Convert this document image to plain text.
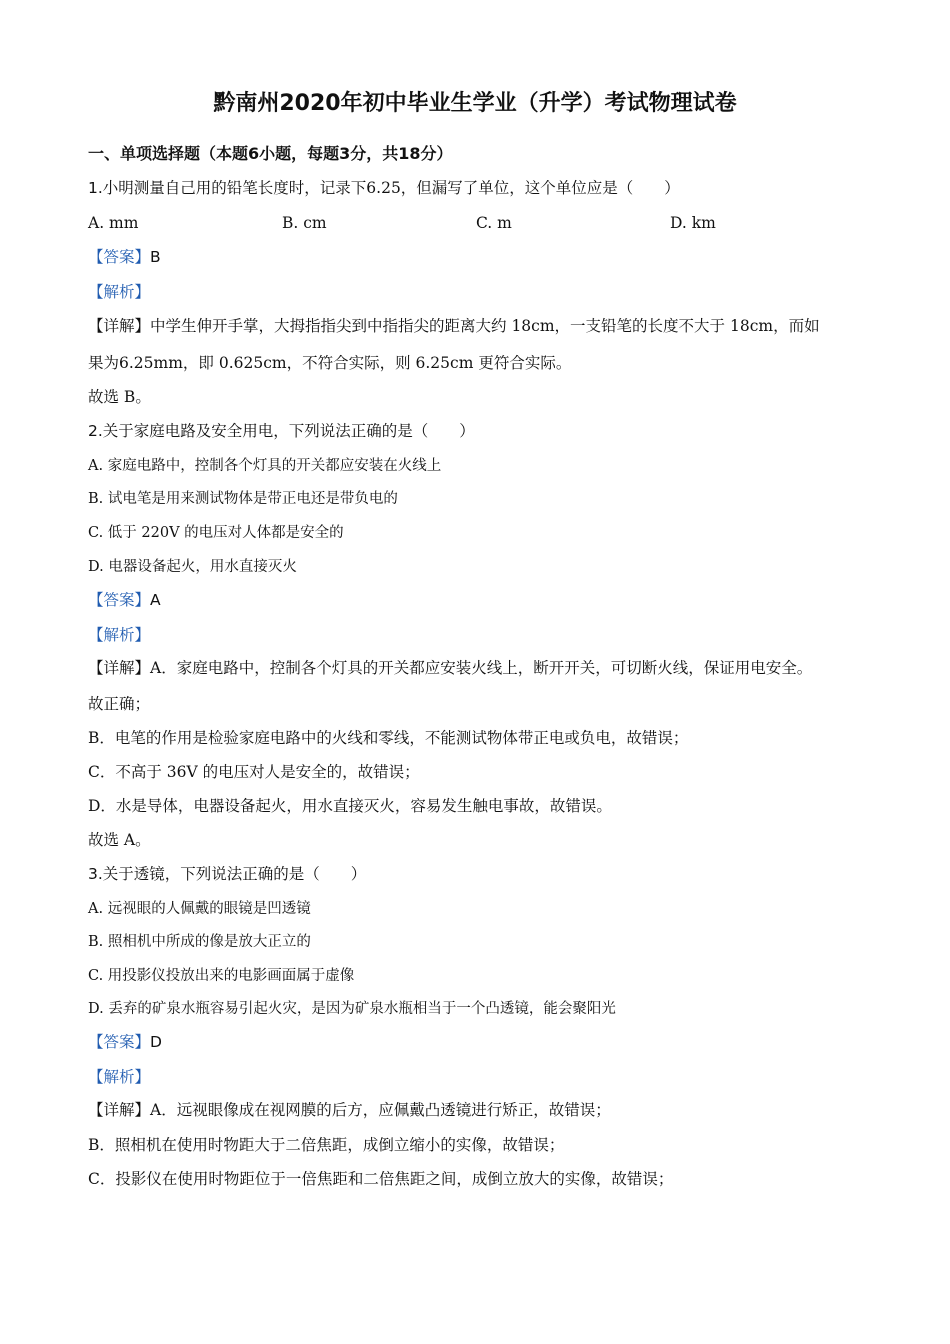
黔南州2020年初中毕业生学业（升学）考试物理试卷
一、单项选择题（本题6小题，每题3分，共18分）
1.小明测量自己用的铅笔长度时，记录下6.25，但漏写了单位，这个单位应是（　　）
A. mm	B. cm	C. m	D. km
【答案】B
【解析】
【详解】中学生伸开手掌，大拇指指尖到中指指尖的距离大约 18cm，一支铅笔的长度不大于 18cm，而如
果为6.25mm，即 0.625cm，不符合实际，则 6.25cm 更符合实际。
故选 B。
2.关于家庭电路及安全用电，下列说法正确的是（　　）
A. 家庭电路中，控制各个灯具的开关都应安装在火线上
B. 试电笔是用来测试物体是带正电还是带负电的
C. 低于 220V 的电压对人体都是安全的
D. 电器设备起火，用水直接灭火
【答案】A
【解析】
【详解】A．家庭电路中，控制各个灯具的开关都应安装火线上，断开开关，可切断火线，保证用电安全。
故正确；
B．电笔的作用是检验家庭电路中的火线和零线，不能测试物体带正电或负电，故错误；
C．不高于 36V 的电压对人是安全的，故错误；
D．水是导体，电器设备起火，用水直接灭火，容易发生触电事故，故错误。
故选 A。
3.关于透镜，下列说法正确的是（　　）
A. 远视眼的人佩戴的眼镜是凹透镜
B. 照相机中所成的像是放大正立的
C. 用投影仪投放出来的电影画面属于虚像
D. 丢弃的矿泉水瓶容易引起火灾，是因为矿泉水瓶相当于一个凸透镜，能会聚阳光
【答案】D
【解析】
【详解】A．远视眼像成在视网膜的后方，应佩戴凸透镜进行矫正，故错误；
B．照相机在使用时物距大于二倍焦距，成倒立缩小的实像，故错误；
C．投影仪在使用时物距位于一倍焦距和二倍焦距之间，成倒立放大的实像，故错误；
